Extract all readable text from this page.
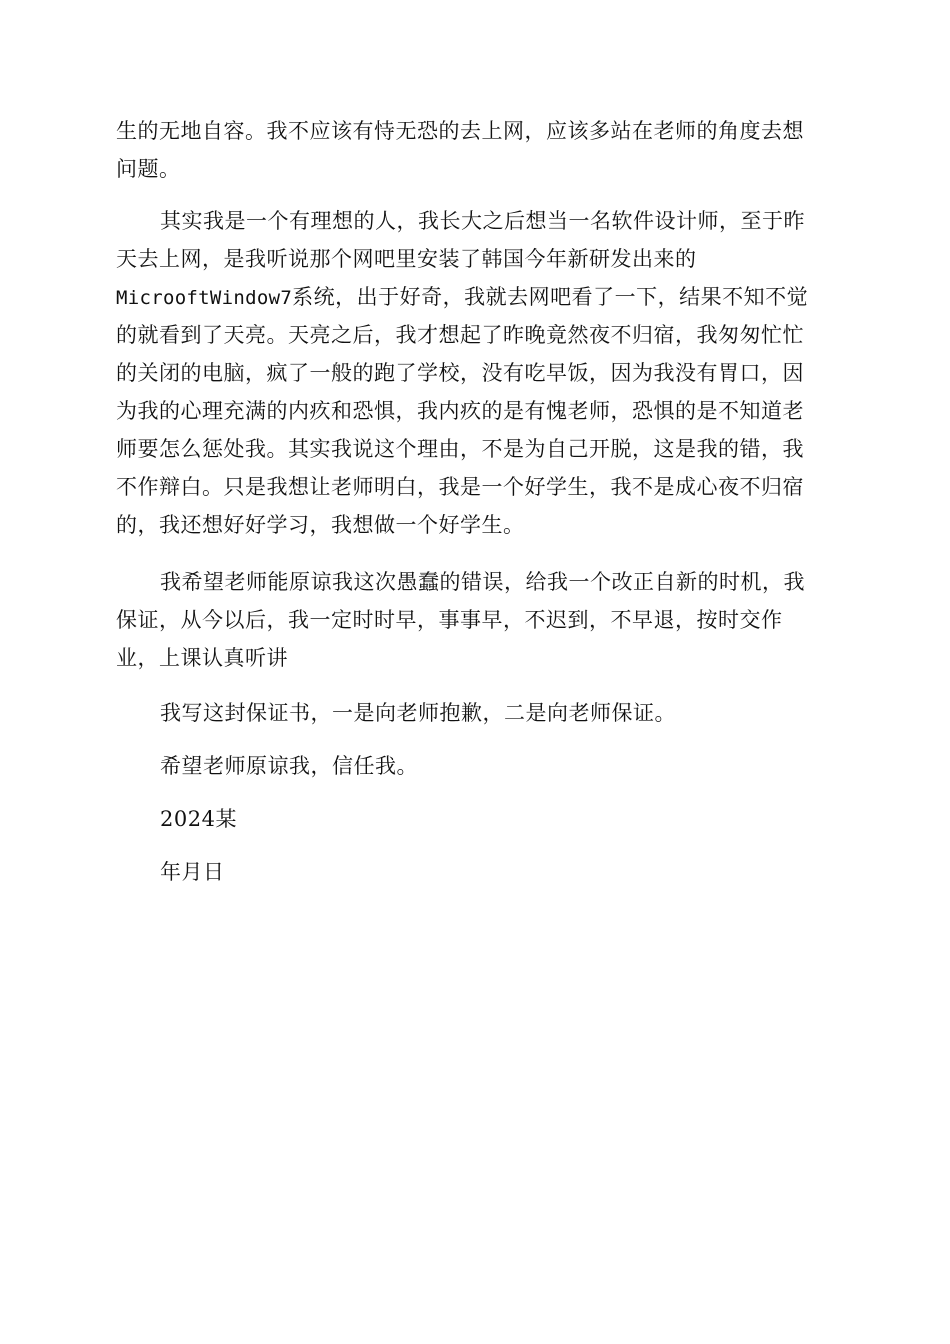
生的无地自容。我不应该有恃无恐的去上网，应该多站在老师的角度去想
问题。
其实我是一个有理想的人，我长大之后想当一名软件设计师，至于昨
天去上网，是我听说那个网吧里安装了韩国今年新研发出来的
MicrooftWindow7系统，出于好奇，我就去网吧看了一下，结果不知不觉
的就看到了天亮。天亮之后，我才想起了昨晚竟然夜不归宿，我匆匆忙忙
的关闭的电脑，疯了一般的跑了学校，没有吃早饭，因为我没有胃口，因
为我的心理充满的内疚和恐惧，我内疚的是有愧老师，恐惧的是不知道老
师要怎么惩处我。其实我说这个理由，不是为自己开脱，这是我的错，我
不作辩白。只是我想让老师明白，我是一个好学生，我不是成心夜不归宿
的，我还想好好学习，我想做一个好学生。
我希望老师能原谅我这次愚蠢的错误，给我一个改正自新的时机，我
保证，从今以后，我一定时时早，事事早，不迟到，不早退，按时交作
业，上课认真听讲
我写这封保证书，一是向老师抱歉，二是向老师保证。
希望老师原谅我，信任我。
2024某
年月日
